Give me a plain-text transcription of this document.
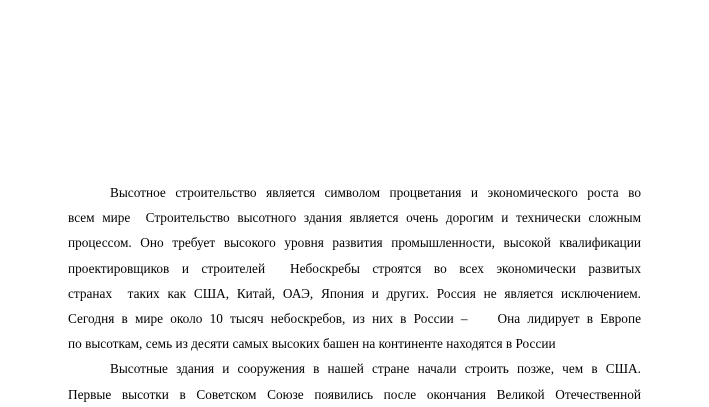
Высотное строительство является символом процветания и экономического роста во
всем мире  Строительство высотного здания является очень дорогим и технически сложным
процессом. Оно требует высокого уровня развития промышленности, высокой квалификации
проектировщиков и строителей  Небоскребы строятся во всех экономически развитых
странах  таких как США, Китай, ОАЭ, Япония и других. Россия не является исключением.
Сегодня в мире около 10 тысяч небоскребов, из них в России – Она лидирует в Европе
по высоткам, семь из десяти самых высоких башен на континенте находятся в России
Высотные здания и сооружения в нашей стране начали строить позже, чем в США.
Первые высотки в Советском Союзе появились после окончания Великой Отечественной
